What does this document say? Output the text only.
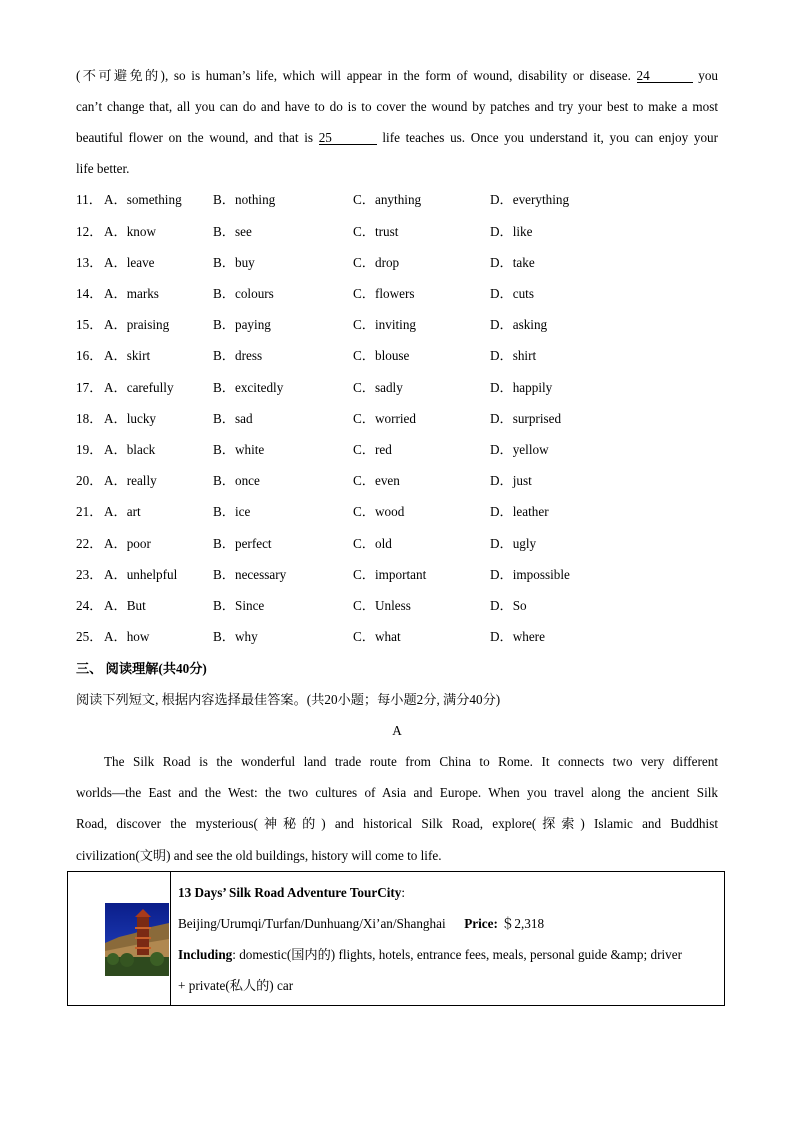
(不可避免的), so is human’s life, which will appear in the form of wound, disability or disease. 24	you
can’t change that, all you can do and have to do is to cover the wound by patches and try your best to make a most
beautiful flower on the wound, and that is 25	life teaches us. Once you understand it, you can enjoy your
life better.
11． A．something B．nothing	C．anything	D．everything
12． A．know	B．see	C．trust	D．like
13． A．leave	B．buy	C．drop	D．take
14． A．marks	B．colours	C．flowers	D．cuts
15． A．praising	B．paying	C．inviting	D．asking
16． A．skirt	B．dress	C．blouse	D．shirt
17． A．carefully	B．excitedly	C．sadly	D．happily
18． A．lucky	B．sad	C．worried	D．surprised
19． A．black	B．white	C．red	D．yellow
20． A．really	B．once	C．even	D．just
21． A．art	B．ice	C．wood	D．leather
22． A．poor	B．perfect	C．old	D．ugly
23． A．unhelpful	B．necessary	C．important	D．impossible
24． A．But	B．Since	C．Unless	D．So
25． A．how	B．why	C．what	D．where
三、 阅读理解(共40分)
阅读下列短文, 根据内容选择最佳答案。(共20小题；每小题2分, 满分40分)
A
The Silk Road is the wonderful land trade route from China to Rome. It connects two very different
worlds—the East and the West: the two cultures of Asia and Europe. When you travel along the ancient Silk
Road, discover the mysterious(神秘的) and historical Silk Road, explore(探索) Islamic and Buddhist
civilization(文明) and see the old buildings, history will come to life.
13 Days’ Silk Road Adventure TourCity:
Beijing/Urumqi/Turfan/Dunhuang/Xi’an/Shanghai Price: ＄2,318
Including: domestic(国内的) flights, hotels, entrance fees, meals, personal guide &amp; driver
+ private(私人的) car
